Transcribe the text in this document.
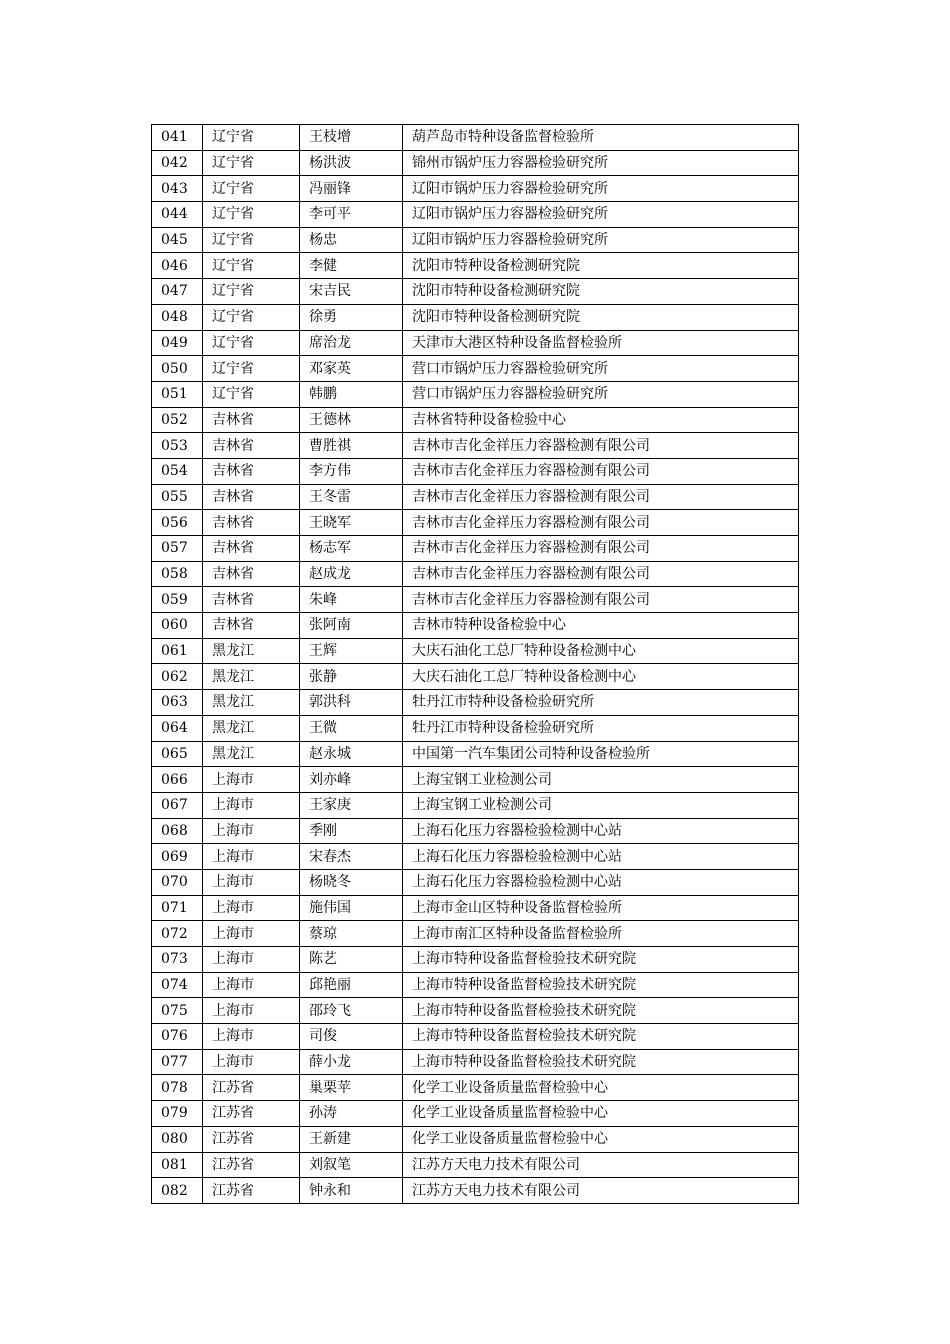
041	辽宁省	王枝增	葫芦岛市特种设备监督检验所
042	辽宁省	杨洪波	锦州市锅炉压力容器检验研究所
043	辽宁省	冯丽锋	辽阳市锅炉压力容器检验研究所
044	辽宁省	李可平	辽阳市锅炉压力容器检验研究所
045	辽宁省	杨忠	辽阳市锅炉压力容器检验研究所
046	辽宁省	李健	沈阳市特种设备检测研究院
047	辽宁省	宋吉民	沈阳市特种设备检测研究院
048	辽宁省	徐勇	沈阳市特种设备检测研究院
049	辽宁省	席治龙	天津市大港区特种设备监督检验所
050	辽宁省	邓家英	营口市锅炉压力容器检验研究所
051	辽宁省	韩鹏	营口市锅炉压力容器检验研究所
052	吉林省	王德林	吉林省特种设备检验中心
053	吉林省	曹胜祺	吉林市吉化金祥压力容器检测有限公司
054	吉林省	李方伟	吉林市吉化金祥压力容器检测有限公司
055	吉林省	王冬雷	吉林市吉化金祥压力容器检测有限公司
056	吉林省	王晓军	吉林市吉化金祥压力容器检测有限公司
057	吉林省	杨志军	吉林市吉化金祥压力容器检测有限公司
058	吉林省	赵成龙	吉林市吉化金祥压力容器检测有限公司
059	吉林省	朱峰	吉林市吉化金祥压力容器检测有限公司
060	吉林省	张阿南	吉林市特种设备检验中心
061	黑龙江	王辉	大庆石油化工总厂特种设备检测中心
062	黑龙江	张静	大庆石油化工总厂特种设备检测中心
063	黑龙江	郭洪科	牡丹江市特种设备检验研究所
064	黑龙江	王微	牡丹江市特种设备检验研究所
065	黑龙江	赵永城	中国第一汽车集团公司特种设备检验所
066	上海市	刘亦峰	上海宝钢工业检测公司
067	上海市	王家庚	上海宝钢工业检测公司
068	上海市	季刚	上海石化压力容器检验检测中心站
069	上海市	宋春杰	上海石化压力容器检验检测中心站
070	上海市	杨晓冬	上海石化压力容器检验检测中心站
071	上海市	施伟国	上海市金山区特种设备监督检验所
072	上海市	蔡琼	上海市南汇区特种设备监督检验所
073	上海市	陈艺	上海市特种设备监督检验技术研究院
074	上海市	邱艳丽	上海市特种设备监督检验技术研究院
075	上海市	邵玲飞	上海市特种设备监督检验技术研究院
076	上海市	司俊	上海市特种设备监督检验技术研究院
077	上海市	薛小龙	上海市特种设备监督检验技术研究院
078	江苏省	巢栗苹	化学工业设备质量监督检验中心
079	江苏省	孙涛	化学工业设备质量监督检验中心
080	江苏省	王新建	化学工业设备质量监督检验中心
081	江苏省	刘叙笔	江苏方天电力技术有限公司
082	江苏省	钟永和	江苏方天电力技术有限公司
